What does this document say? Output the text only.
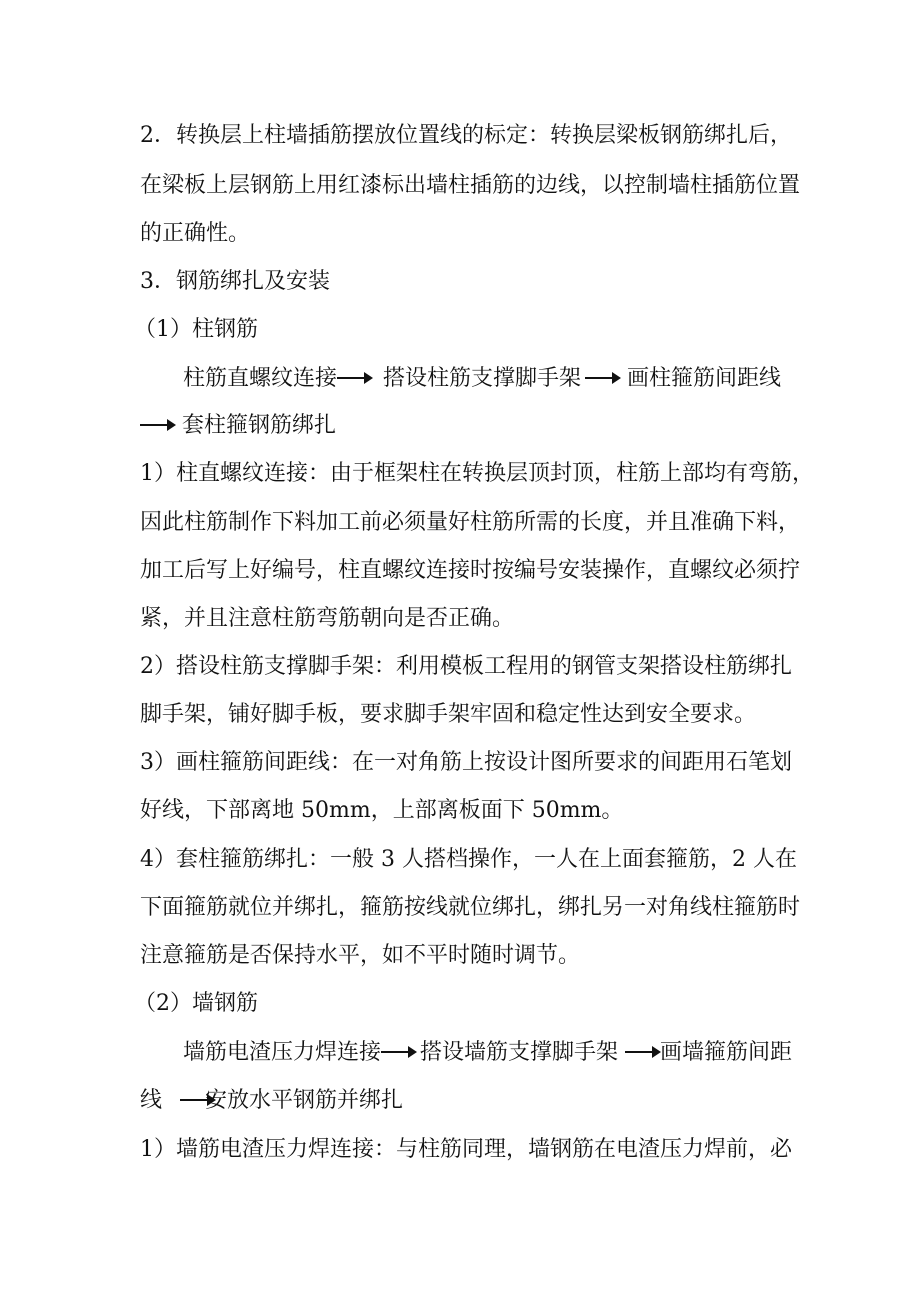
2．转换层上柱墙插筋摆放位置线的标定：转换层梁板钢筋绑扎后，
在梁板上层钢筋上用红漆标出墙柱插筋的边线，以控制墙柱插筋位置
的正确性。
3．钢筋绑扎及安装
（1）柱钢筋
柱筋直螺纹连接 搭设柱筋支撑脚手架 画柱箍筋间距线
套柱箍钢筋绑扎
1）柱直螺纹连接：由于框架柱在转换层顶封顶，柱筋上部均有弯筋，
因此柱筋制作下料加工前必须量好柱筋所需的长度，并且准确下料，
加工后写上好编号，柱直螺纹连接时按编号安装操作，直螺纹必须拧
紧，并且注意柱筋弯筋朝向是否正确。
2）搭设柱筋支撑脚手架：利用模板工程用的钢管支架搭设柱筋绑扎
脚手架，铺好脚手板，要求脚手架牢固和稳定性达到安全要求。
3）画柱箍筋间距线：在一对角筋上按设计图所要求的间距用石笔划
好线，下部离地 50mm，上部离板面下 50mm。
4）套柱箍筋绑扎：一般 3 人搭档操作，一人在上面套箍筋，2 人在
下面箍筋就位并绑扎，箍筋按线就位绑扎，绑扎另一对角线柱箍筋时
注意箍筋是否保持水平，如不平时随时调节。
（2）墙钢筋
墙筋电渣压力焊连接 搭设墙筋支撑脚手架 画墙箍筋间距
线 安放水平钢筋并绑扎
1）墙筋电渣压力焊连接：与柱筋同理，墙钢筋在电渣压力焊前，必
